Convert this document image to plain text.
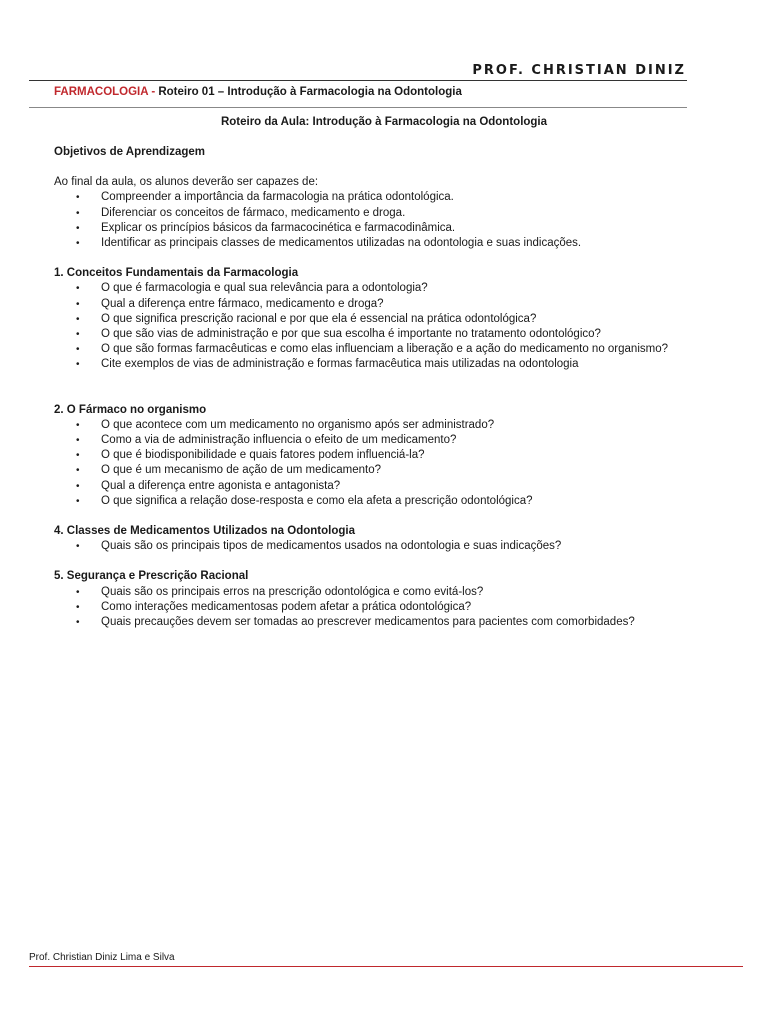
PROF. CHRISTIAN DINIZ
FARMACOLOGIA - Roteiro 01 – Introdução à Farmacologia na Odontologia
Roteiro da Aula: Introdução à Farmacologia na Odontologia

Objetivos de Aprendizagem

Ao final da aula, os alunos deverão ser capazes de:

• Compreender a importância da farmacologia na prática odontológica.
• Diferenciar os conceitos de fármaco, medicamento e droga.
• Explicar os princípios básicos da farmacocinética e farmacodinâmica.
• Identificar as principais classes de medicamentos utilizadas na odontologia e suas indicações.

1. Conceitos Fundamentais da Farmacologia

• O que é farmacologia e qual sua relevância para a odontologia?
• Qual a diferença entre fármaco, medicamento e droga?
• O que significa prescrição racional e por que ela é essencial na prática odontológica?
• O que são vias de administração e por que sua escolha é importante no tratamento odontológico?
• O que são formas farmacêuticas e como elas influenciam a liberação e a ação do medicamento no organismo?
• Cite exemplos de vias de administração e formas farmacêutica mais utilizadas na odontologia

2. O Fármaco no organismo

• O que acontece com um medicamento no organismo após ser administrado?
• Como a via de administração influencia o efeito de um medicamento?
• O que é biodisponibilidade e quais fatores podem influenciá-la?
• O que é um mecanismo de ação de um medicamento?
• Qual a diferença entre agonista e antagonista?
• O que significa a relação dose-resposta e como ela afeta a prescrição odontológica?

4. Classes de Medicamentos Utilizados na Odontologia

• Quais são os principais tipos de medicamentos usados na odontologia e suas indicações?

5. Segurança e Prescrição Racional

• Quais são os principais erros na prescrição odontológica e como evitá-los?
• Como interações medicamentosas podem afetar a prática odontológica?
• Quais precauções devem ser tomadas ao prescrever medicamentos para pacientes com comorbidades?
Prof. Christian Diniz Lima e Silva
